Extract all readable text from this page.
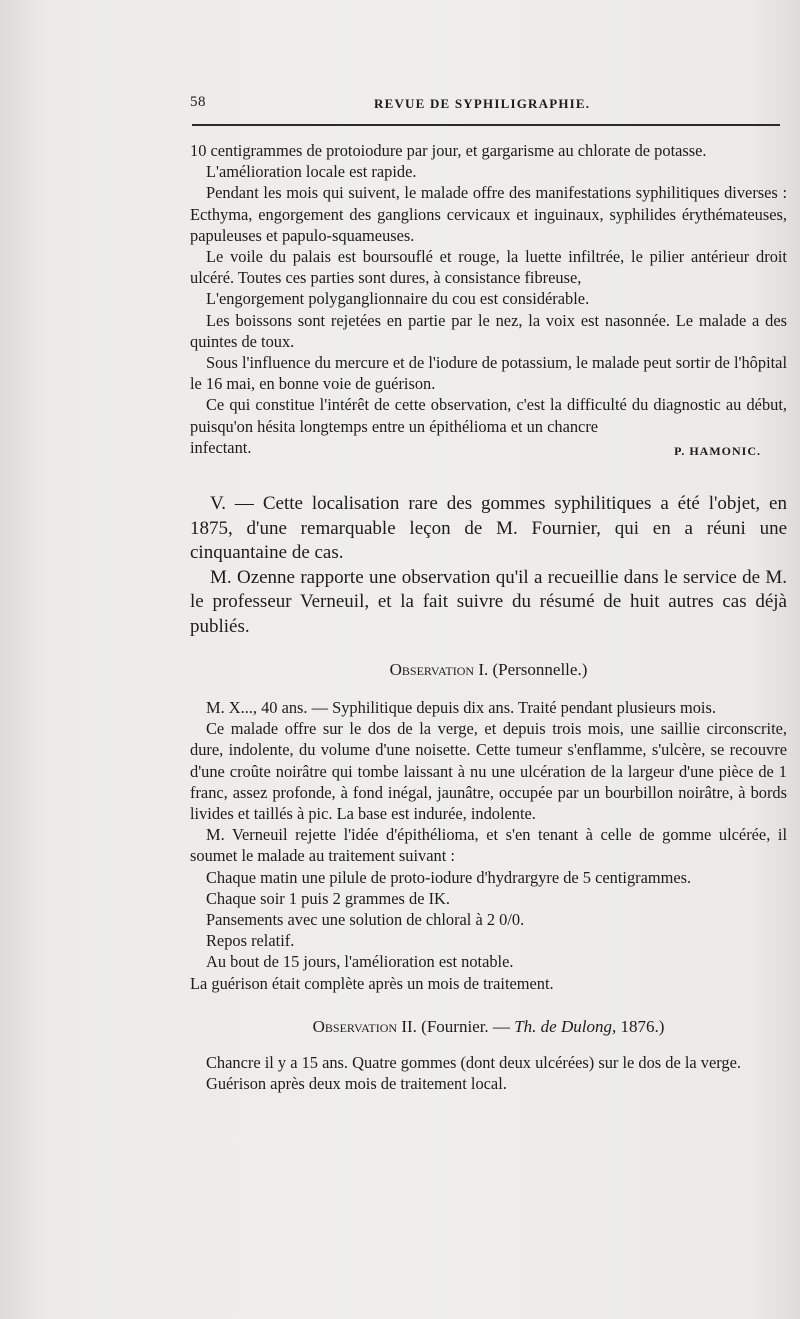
58	REVUE DE SYPHILIGRAPHIE.

10 centigrammes de protoiodure par jour, et gargarisme au chlorate de potasse.

L'amélioration locale est rapide.

Pendant les mois qui suivent, le malade offre des manifestations syphilitiques diverses : Ecthyma, engorgement des ganglions cervicaux et inguinaux, syphilides érythémateuses, papuleuses et papulo-squameuses.

Le voile du palais est boursouflé et rouge, la luette infiltrée, le pilier antérieur droit ulcéré. Toutes ces parties sont dures, à consistance fibreuse,

L'engorgement polyganglionnaire du cou est considérable.

Les boissons sont rejetées en partie par le nez, la voix est nasonnée. Le malade a des quintes de toux.

Sous l'influence du mercure et de l'iodure de potassium, le malade peut sortir de l'hôpital le 16 mai, en bonne voie de guérison.

Ce qui constitue l'intérêt de cette observation, c'est la difficulté du diagnostic au début, puisqu'on hésita longtemps entre un épithélioma et un chancre

infectant.	P. HAMONIC.

V. — Cette localisation rare des gommes syphilitiques a été l'objet, en 1875, d'une remarquable leçon de M. Fournier, qui en a réuni une cinquantaine de cas.

M. Ozenne rapporte une observation qu'il a recueillie dans le service de M. le professeur Verneuil, et la fait suivre du résumé de huit autres cas déjà publiés.

Observation I. (Personnelle.)

M. X..., 40 ans. — Syphilitique depuis dix ans. Traité pendant plusieurs mois.

Ce malade offre sur le dos de la verge, et depuis trois mois, une saillie circonscrite, dure, indolente, du volume d'une noisette. Cette tumeur s'enflamme, s'ulcère, se recouvre d'une croûte noirâtre qui tombe laissant à nu une ulcération de la largeur d'une pièce de 1 franc, assez profonde, à fond inégal, jaunâtre, occupée par un bourbillon noirâtre, à bords livides et taillés à pic. La base est indurée, indolente.

M. Verneuil rejette l'idée d'épithélioma, et s'en tenant à celle de gomme ulcérée, il soumet le malade au traitement suivant :

Chaque matin une pilule de proto-iodure d'hydrargyre de 5 centigrammes.

Chaque soir 1 puis 2 grammes de IK.

Pansements avec une solution de chloral à 2 0/0.

Repos relatif.

Au bout de 15 jours, l'amélioration est notable.

La guérison était complète après un mois de traitement.

Observation II. (Fournier. — Th. de Dulong, 1876.)

Chancre il y a 15 ans. Quatre gommes (dont deux ulcérées) sur le dos de la verge.

Guérison après deux mois de traitement local.
